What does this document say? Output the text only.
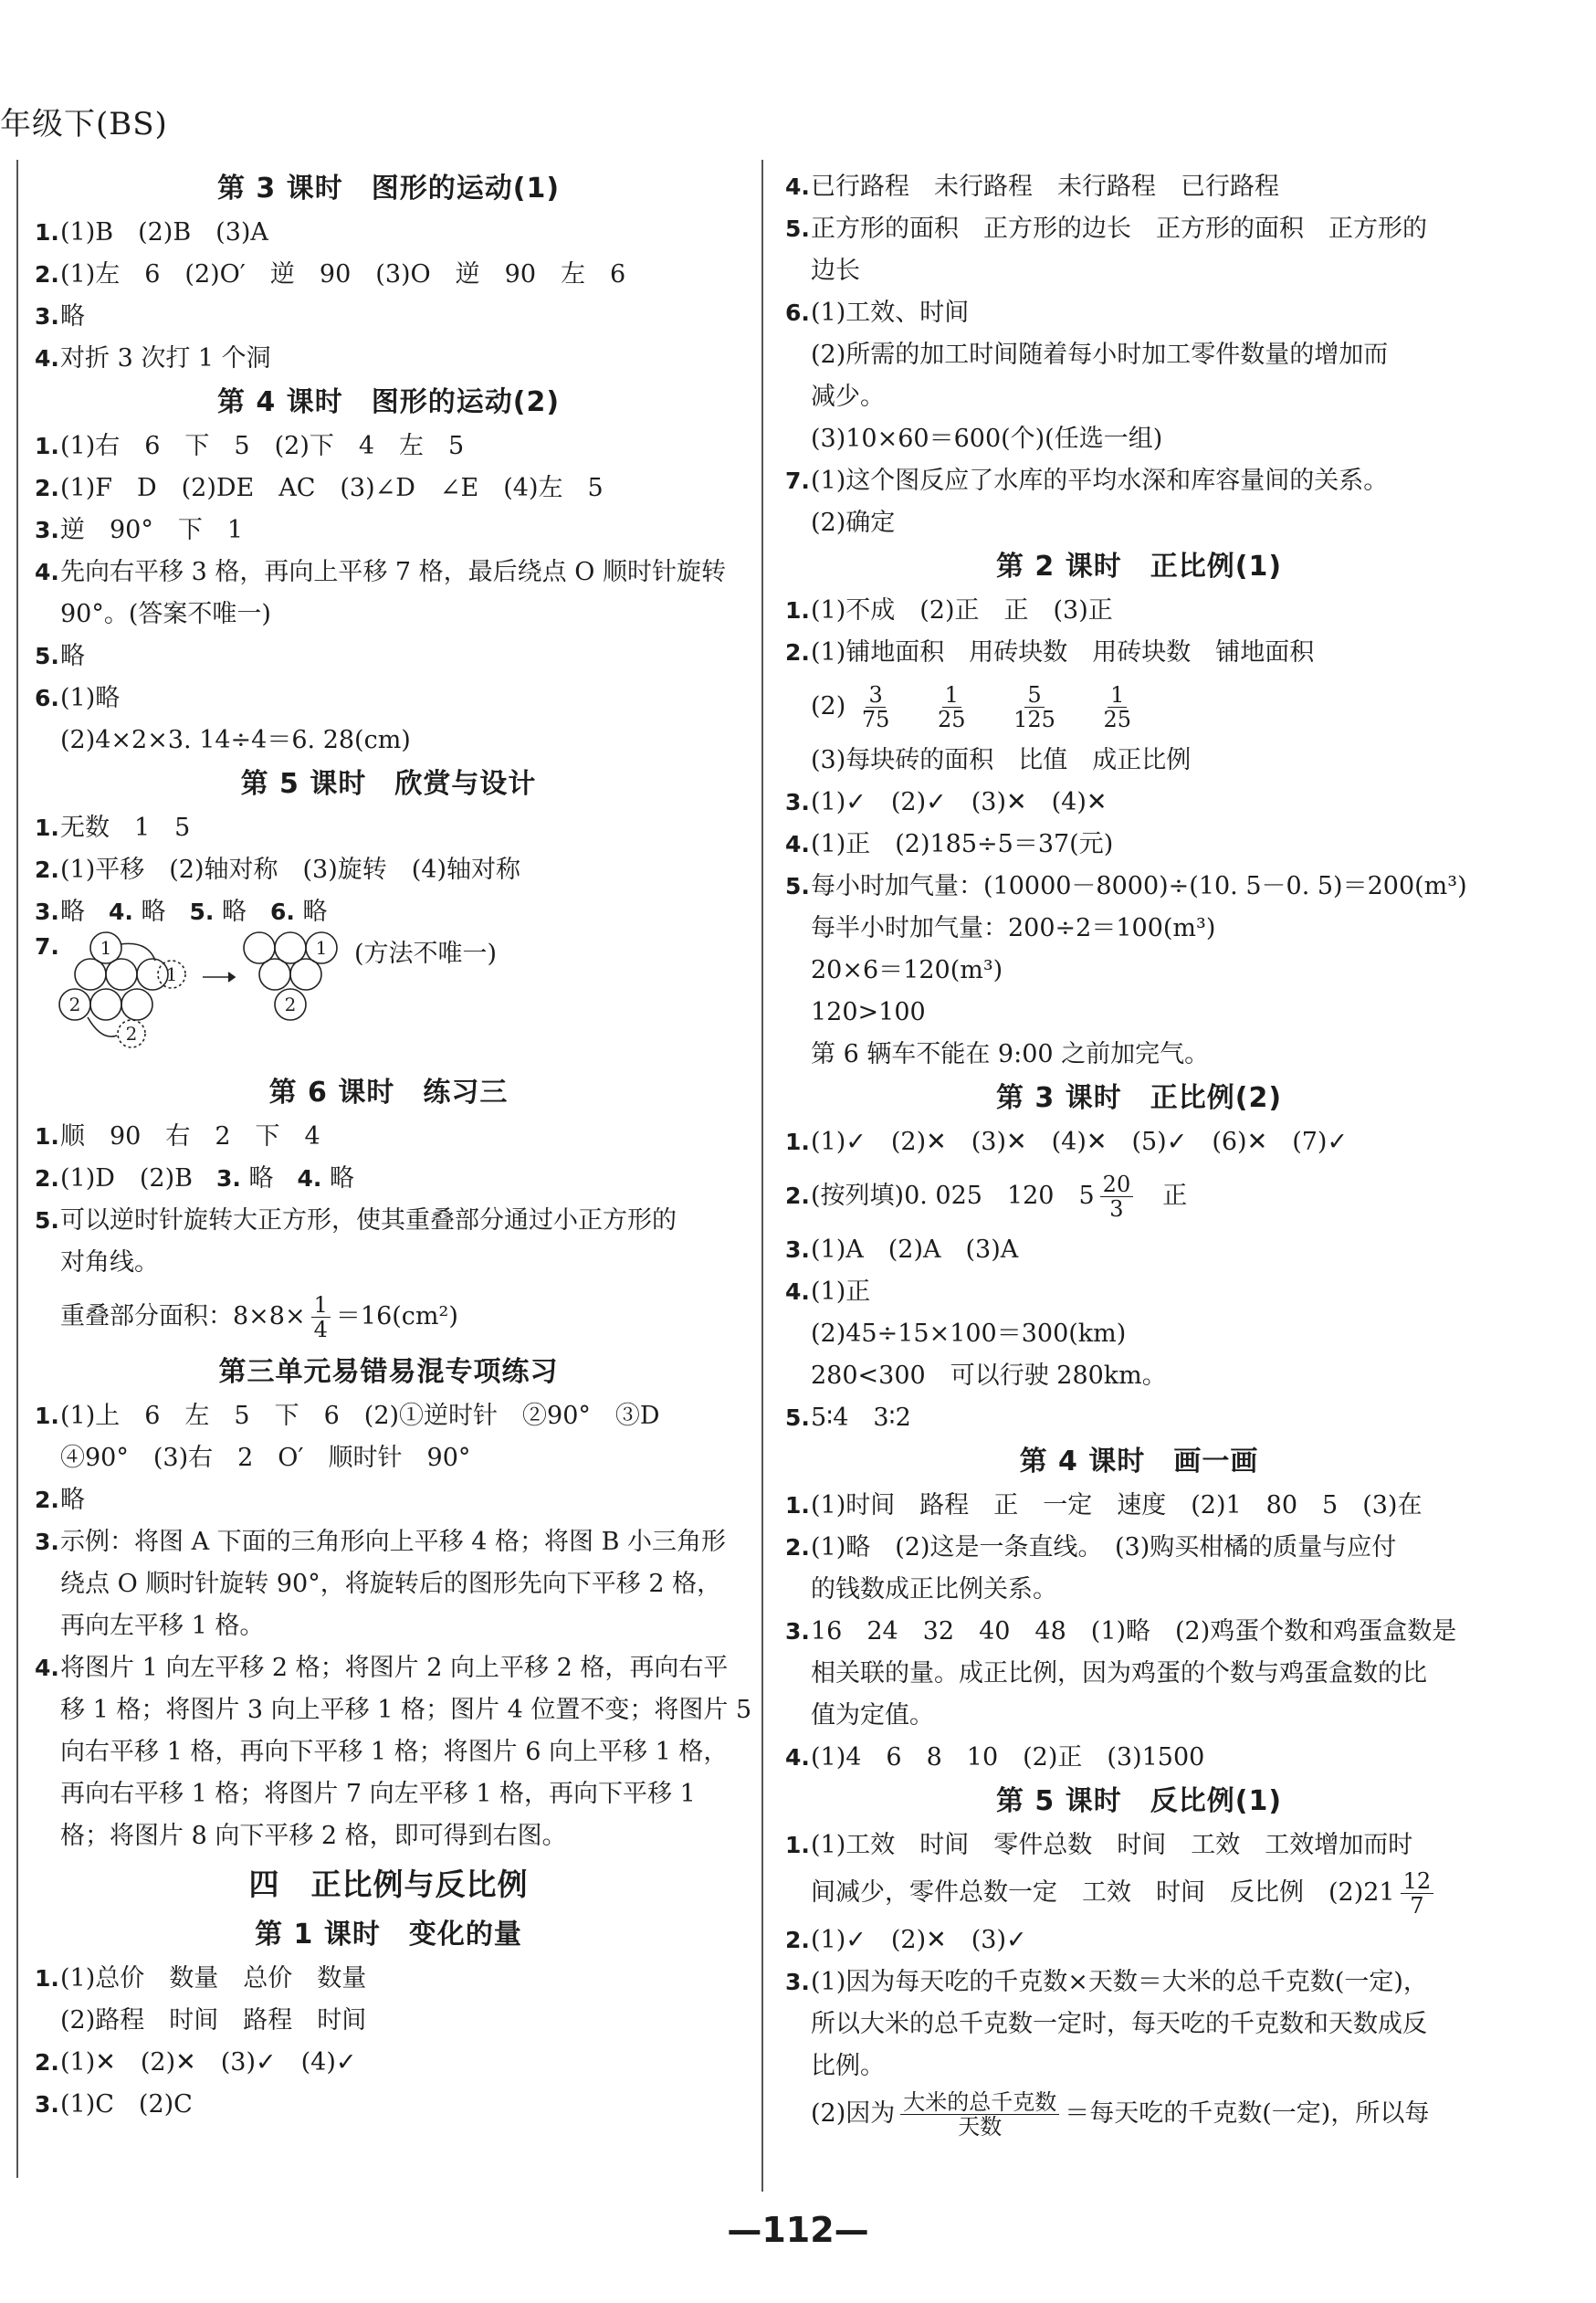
年级下(BS)
第 3 课时　图形的运动(1)
1. (1)B　(2)B　(3)A
2. (1)左　6　(2)O′　逆　90　(3)O　逆　90　左　6
3. 略
4. 对折 3 次打 1 个洞
第 4 课时　图形的运动(2)
1. (1)右　6　下　5　(2)下　4　左　5
2. (1)F　D　(2)DE　AC　(3)∠D　∠E　(4)左　5
3. 逆　90°　下　1
4. 先向右平移 3 格，再向上平移 7 格，最后绕点 O 顺时针旋转
90°。(答案不唯一)
5. 略
6. (1)略
(2)4×2×3. 14÷4＝6. 28(cm)
第 5 课时　欣赏与设计
1. 无数　1　5
2. (1)平移　(2)轴对称　(3)旋转　(4)轴对称
3. 略 4. 略 5. 略 6. 略
7. 1
1
2
2
1
2
(方法不唯一)
第 6 课时　练习三
1. 顺　90　右　2　下　4
2. (1)D　(2)B 3. 略 4. 略
5. 可以逆时针旋转大正方形，使其重叠部分通过小正方形的
对角线。
重叠部分面积：$8\times 8\times \frac{1}{4} =16(cm^2)$
第三单元易错易混专项练习
1. (1)上　6　左　5　下　6　(2)①逆时针　②90°　③D
④90°　(3)右　2　O′　顺时针　90°
2. 略
3. 示例：将图 A 下面的三角形向上平移 4 格；将图 B 小三角形
绕点 O 顺时针旋转 90°，将旋转后的图形先向下平移 2 格，
再向左平移 1 格。
4. 将图片 1 向左平移 2 格；将图片 2 向上平移 2 格，再向右平
移 1 格；将图片 3 向上平移 1 格；图片 4 位置不变；将图片 5
向右平移 1 格，再向下平移 1 格；将图片 6 向上平移 1 格，
再向右平移 1 格；将图片 7 向左平移 1 格，再向下平移 1
格；将图片 8 向下平移 2 格，即可得到右图。
四　正比例与反比例
第 1 课时　变化的量
1. (1)总价　数量　总价　数量
(2)路程　时间　路程　时间
2. (1)✕　(2)✕　(3)✓　(4)✓
3. (1)C　(2)C
4. 已行路程　未行路程　未行路程　已行路程
5. 正方形的面积　正方形的边长　正方形的面积　正方形的
边长
6. (1)工效、时间
(2)所需的加工时间随着每小时加工零件数量的增加而
减少。
(3)10×60＝600(个)(任选一组)
7. (1)这个图反应了水库的平均水深和库容量间的关系。
(2)确定
第 2 课时　正比例(1)
1. (1)不成　(2)正　正　(3)正
2. (1)铺地面积　用砖块数　用砖块数　铺地面积
$(2) \frac{3}{75}$
$\frac{1}{25}$
$\frac{5}{125}$
$\frac{1}{25}$
(3)每块砖的面积　比值　成正比例
3. (1)✓　(2)✓　(3)✕　(4)✕
4. (1)正　(2)185÷5＝37(元)
5. 每小时加气量：(10000－8000)÷(10. 5－0. 5)＝200(m³)
每半小时加气量：200÷2＝100(m³)
20×6＝120(m³)
120>100
第 6 辆车不能在 9:00 之前加完气。
第 3 课时　正比例(2)
1. (1)✓　(2)✕　(3)✕　(4)✕　(5)✓　(6)✕　(7)✓
2. (按列填)0. 025　120　$5 \frac{20}{3}$ 正
3. (1)A　(2)A　(3)A
4. (1)正
(2)45÷15×100＝300(km)
280<300　可以行驶 280km。
5. 5∶4　3∶2
第 4 课时　画一画
1. (1)时间　路程　正　一定　速度　(2)1　80　5　(3)在
2. (1)略　(2)这是一条直线。　(3)购买柑橘的质量与应付
的钱数成正比例关系。
3. 16　24　32　40　48　(1)略　(2)鸡蛋个数和鸡蛋盒数是
相关联的量。成正比例，因为鸡蛋的个数与鸡蛋盒数的比
值为定值。
4. (1)4　6　8　10　(2)正　(3)1500
第 5 课时　反比例(1)
1. (1)工效　时间　零件总数　时间　工效　工效增加而时
间减少，零件总数一定　工效　时间　反比例　$(2)21 \frac{12}{7}$
2. (1)✓　(2)✕　(3)✓
3. (1)因为每天吃的千克数×天数＝大米的总千克数(一定)，
所以大米的总千克数一定时，每天吃的千克数和天数成反
比例。
(2)因为 $\frac{\text{大米的总千克数}}{\text{天数}}$ ＝每天吃的千克数(一定)，所以每
—112—
